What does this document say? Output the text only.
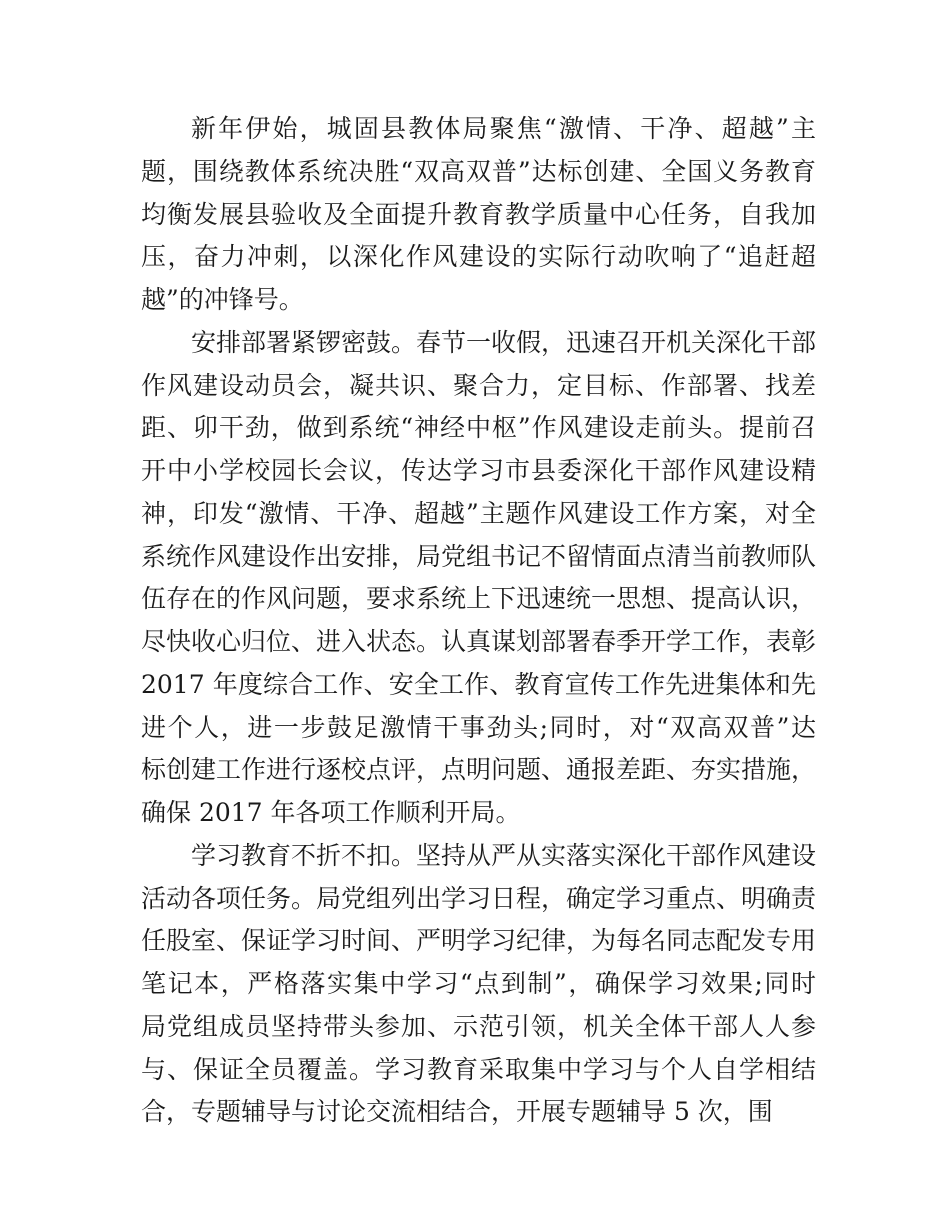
新年伊始，城固县教体局聚焦“激情、干净、超越”主
题，围绕教体系统决胜“双高双普”达标创建、全国义务教育
均衡发展县验收及全面提升教育教学质量中心任务，自我加
压，奋力冲刺，以深化作风建设的实际行动吹响了“追赶超
越”的冲锋号。
安排部署紧锣密鼓。春节一收假，迅速召开机关深化干部
作风建设动员会，凝共识、聚合力，定目标、作部署、找差
距、卯干劲，做到系统“神经中枢”作风建设走前头。提前召
开中小学校园长会议，传达学习市县委深化干部作风建设精
神，印发“激情、干净、超越”主题作风建设工作方案，对全
系统作风建设作出安排，局党组书记不留情面点清当前教师队
伍存在的作风问题，要求系统上下迅速统一思想、提高认识，
尽快收心归位、进入状态。认真谋划部署春季开学工作，表彰
2017 年度综合工作、安全工作、教育宣传工作先进集体和先
进个人，进一步鼓足激情干事劲头;同时，对“双高双普”达
标创建工作进行逐校点评，点明问题、通报差距、夯实措施，
确保 2017 年各项工作顺利开局。
学习教育不折不扣。坚持从严从实落实深化干部作风建设
活动各项任务。局党组列出学习日程，确定学习重点、明确责
任股室、保证学习时间、严明学习纪律，为每名同志配发专用
笔记本，严格落实集中学习“点到制”，确保学习效果;同时
局党组成员坚持带头参加、示范引领，机关全体干部人人参
与、保证全员覆盖。学习教育采取集中学习与个人自学相结
合，专题辅导与讨论交流相结合，开展专题辅导 5 次，围
